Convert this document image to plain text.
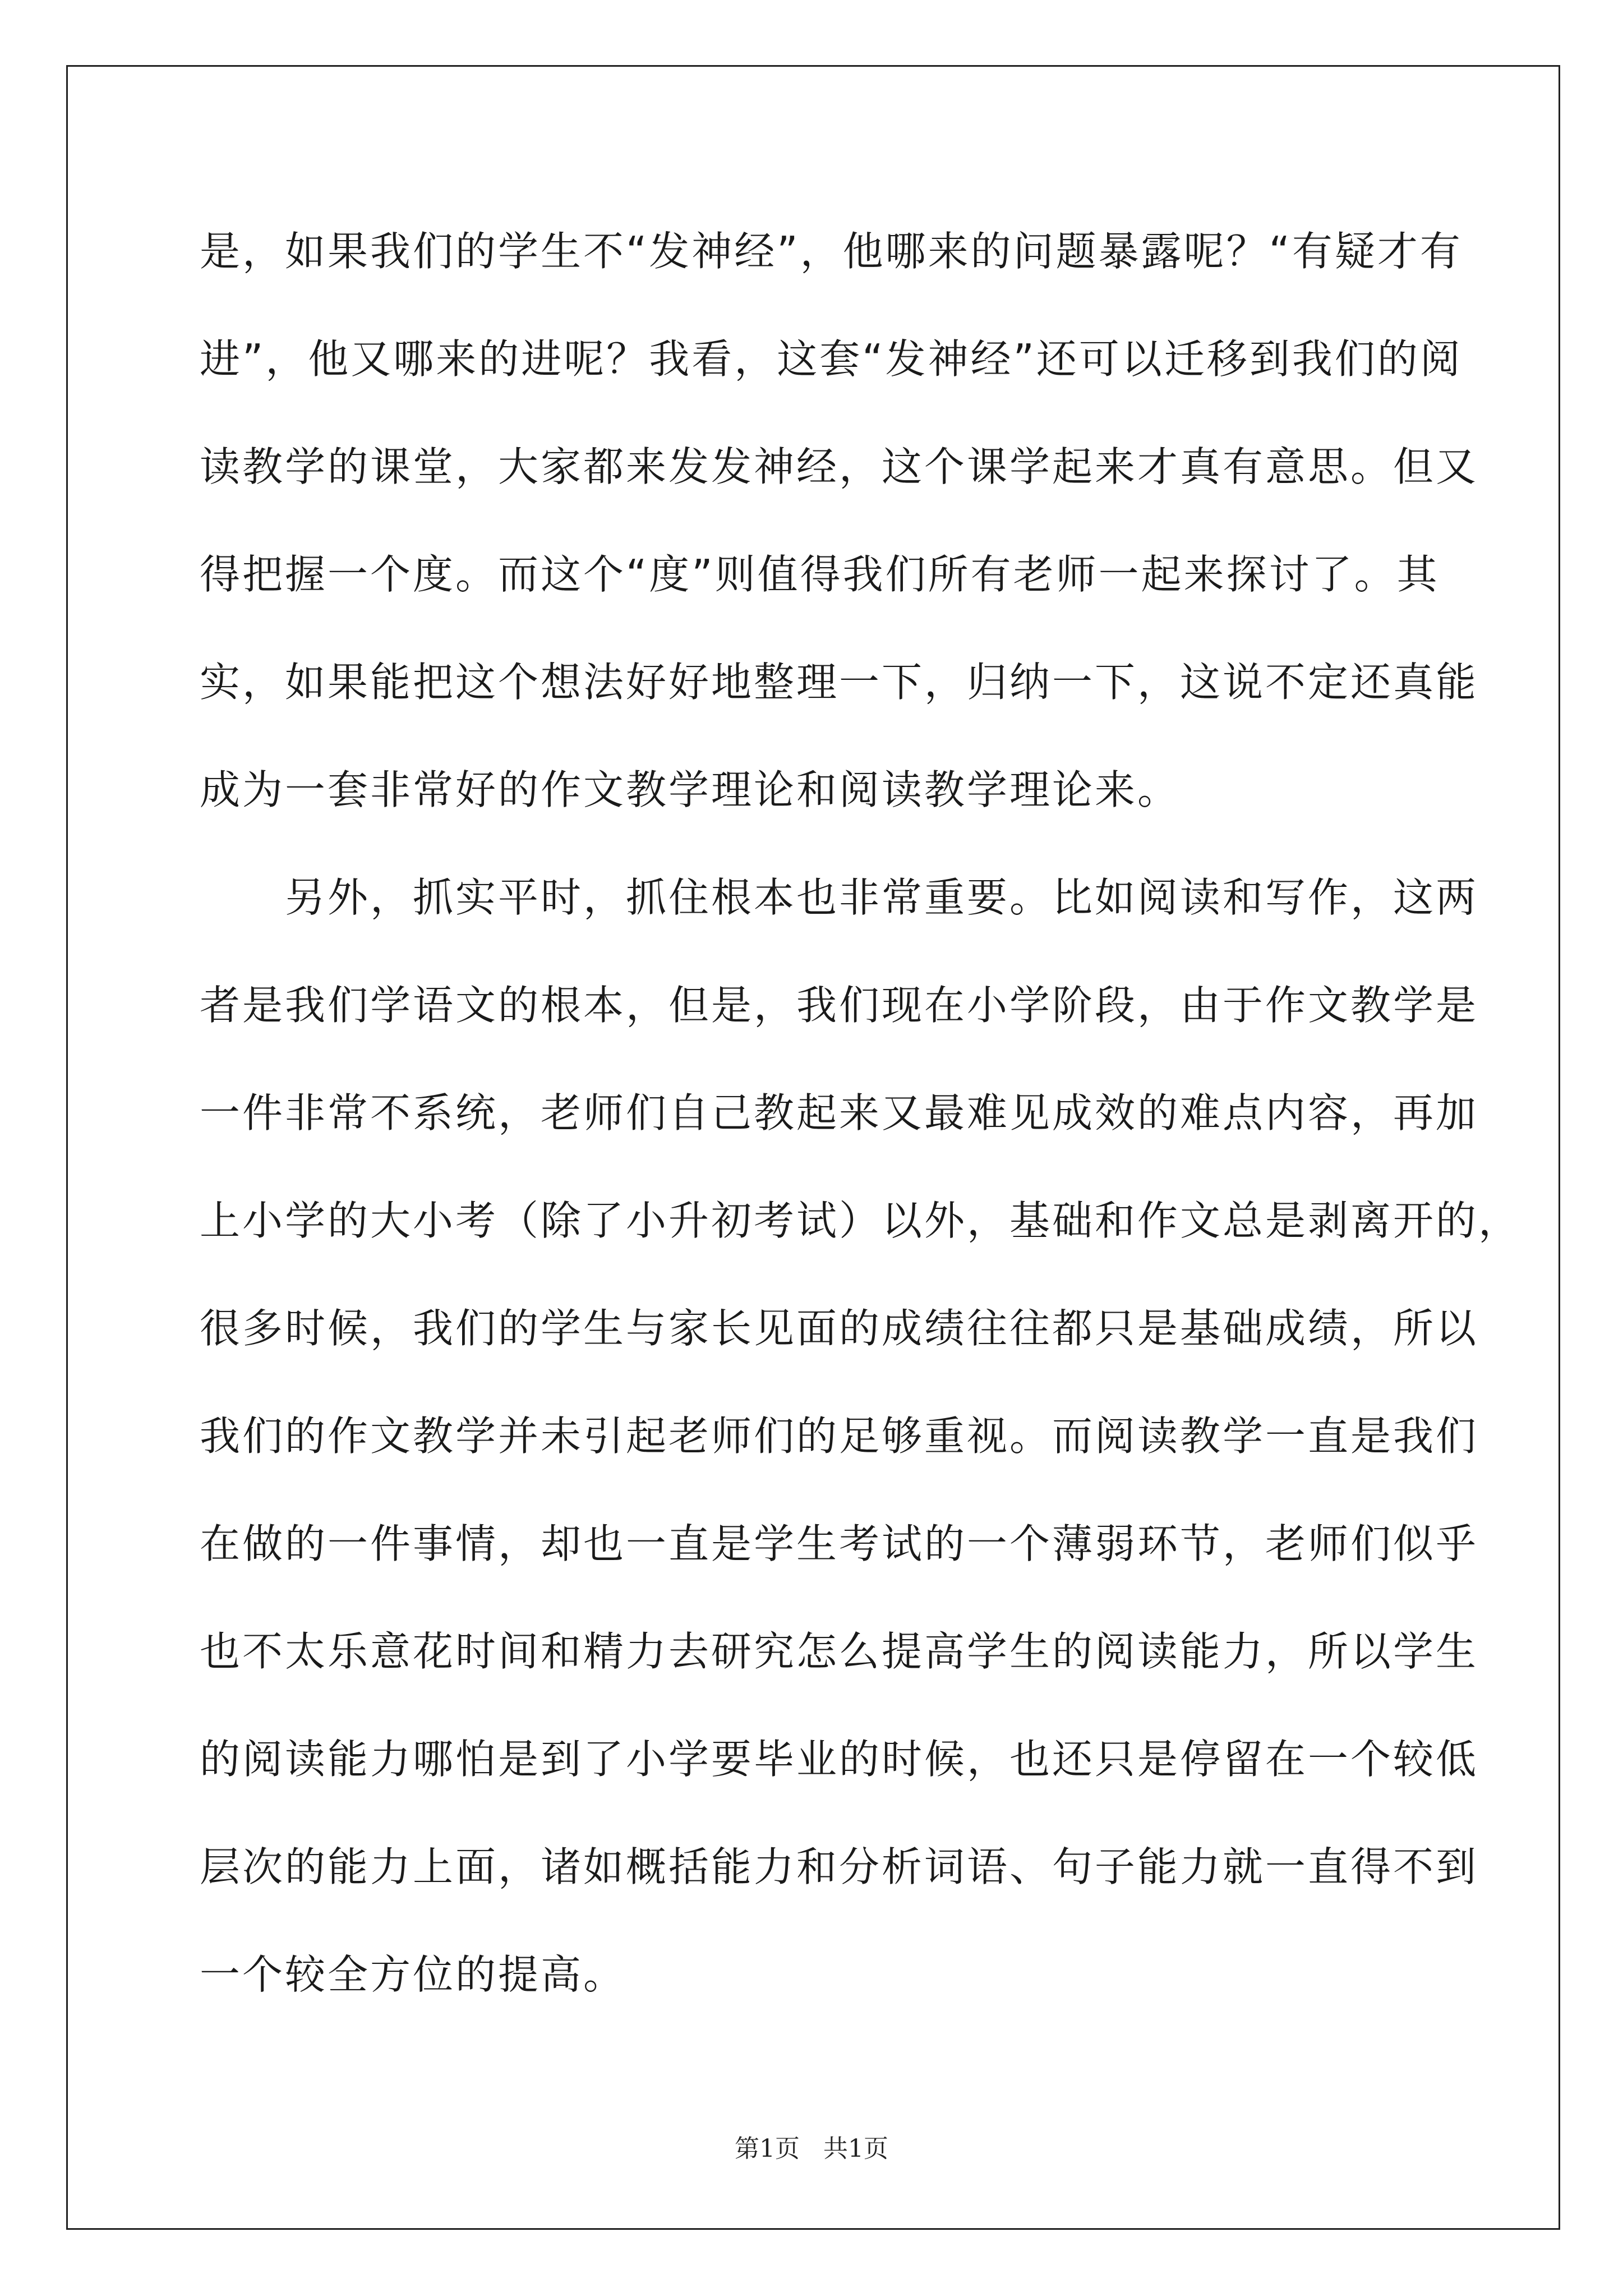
是，如果我们的学生不“发神经”，他哪来的问题暴露呢？“有疑才有
进”，他又哪来的进呢？我看，这套“发神经”还可以迁移到我们的阅
读教学的课堂，大家都来发发神经，这个课学起来才真有意思。但又
得把握一个度。而这个“度”则值得我们所有老师一起来探讨了。其
实，如果能把这个想法好好地整理一下，归纳一下，这说不定还真能
成为一套非常好的作文教学理论和阅读教学理论来。
　　另外，抓实平时，抓住根本也非常重要。比如阅读和写作，这两
者是我们学语文的根本，但是，我们现在小学阶段，由于作文教学是
一件非常不系统，老师们自己教起来又最难见成效的难点内容，再加
上小学的大小考（除了小升初考试）以外，基础和作文总是剥离开的，
很多时候，我们的学生与家长见面的成绩往往都只是基础成绩，所以
我们的作文教学并未引起老师们的足够重视。而阅读教学一直是我们
在做的一件事情，却也一直是学生考试的一个薄弱环节，老师们似乎
也不太乐意花时间和精力去研究怎么提高学生的阅读能力，所以学生
的阅读能力哪怕是到了小学要毕业的时候，也还只是停留在一个较低
层次的能力上面，诸如概括能力和分析词语、句子能力就一直得不到
一个较全方位的提高。
第1页 共1页
